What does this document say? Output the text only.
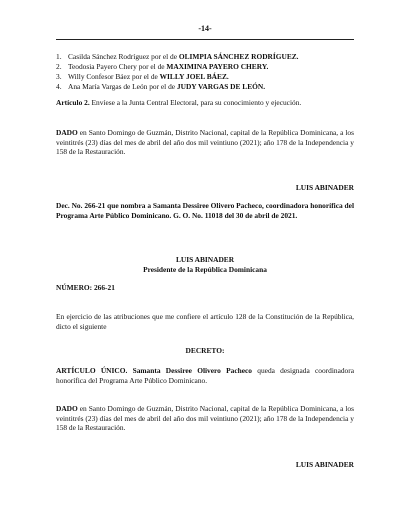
-14-
1. Casilda Sánchez Rodríguez por el de OLIMPIA SÁNCHEZ RODRÍGUEZ.
2. Teodosia Payero Chery por el de MAXIMINA PAYERO CHERY.
3. Willy Confesor Báez por el de WILLY JOEL BÁEZ.
4. Ana María Vargas de León por el de JUDY VARGAS DE LEÓN.
Artículo 2. Envíese a la Junta Central Electoral, para su conocimiento y ejecución.
DADO en Santo Domingo de Guzmán, Distrito Nacional, capital de la República Dominicana, a los veintitrés (23) días del mes de abril del año dos mil veintiuno (2021); año 178 de la Independencia y 158 de la Restauración.
LUIS ABINADER
Dec. No. 266-21 que nombra a Samanta Dessiree Olivero Pacheco, coordinadora honorífica del Programa Arte Público Dominicano. G. O. No. 11018 del 30 de abril de 2021.
LUIS ABINADER
Presidente de la República Dominicana
NÚMERO: 266-21
En ejercicio de las atribuciones que me confiere el artículo 128 de la Constitución de la República, dicto el siguiente
DECRETO:
ARTÍCULO ÚNICO. Samanta Dessiree Olivero Pacheco queda designada coordinadora honorífica del Programa Arte Público Dominicano.
DADO en Santo Domingo de Guzmán, Distrito Nacional, capital de la República Dominicana, a los veintitrés (23) días del mes de abril del año dos mil veintiuno (2021); año 178 de la Independencia y 158 de la Restauración.
LUIS ABINADER
